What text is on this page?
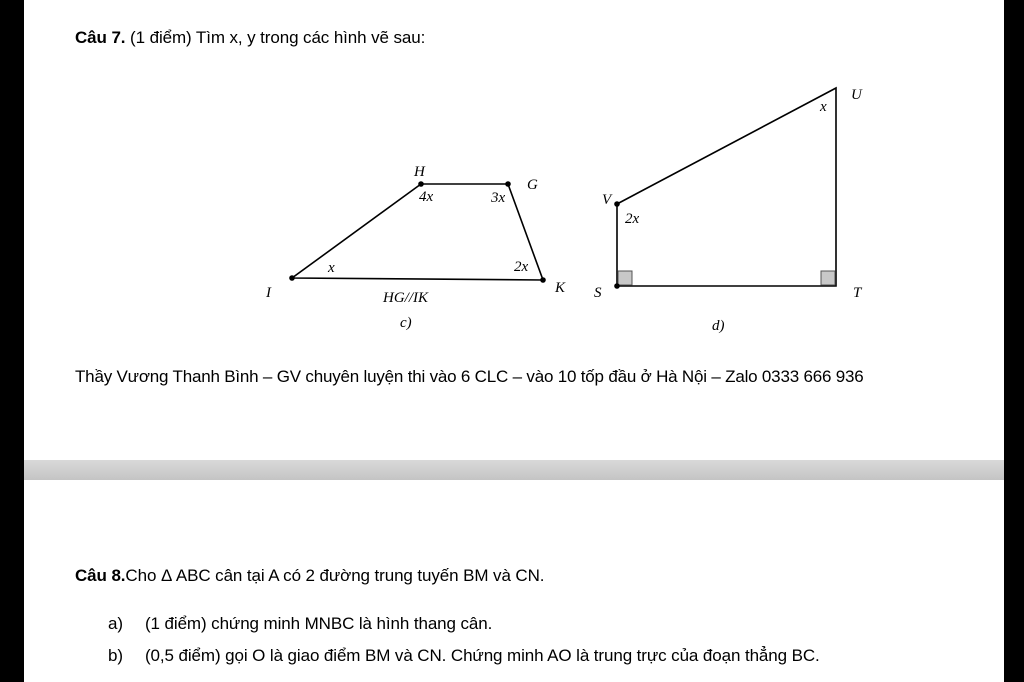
Câu 7. (1 điểm) Tìm x, y trong các hình vẽ sau:
H
G
I	K
4x	3x
x	2x
HG//IK
c)
U
V
S	T
x
2x
d)
Thầy Vương Thanh Bình – GV chuyên luyện thi vào 6 CLC – vào 10 tốp đầu ở Hà Nội – Zalo 0333 666 936
Câu 8.Cho Δ ABC cân tại A có 2 đường trung tuyến BM và CN.
a) (1 điểm) chứng minh MNBC là hình thang cân.
b) (0,5 điểm) gọi O là giao điểm BM và CN. Chứng minh AO là trung trực của đoạn thẳng BC.
